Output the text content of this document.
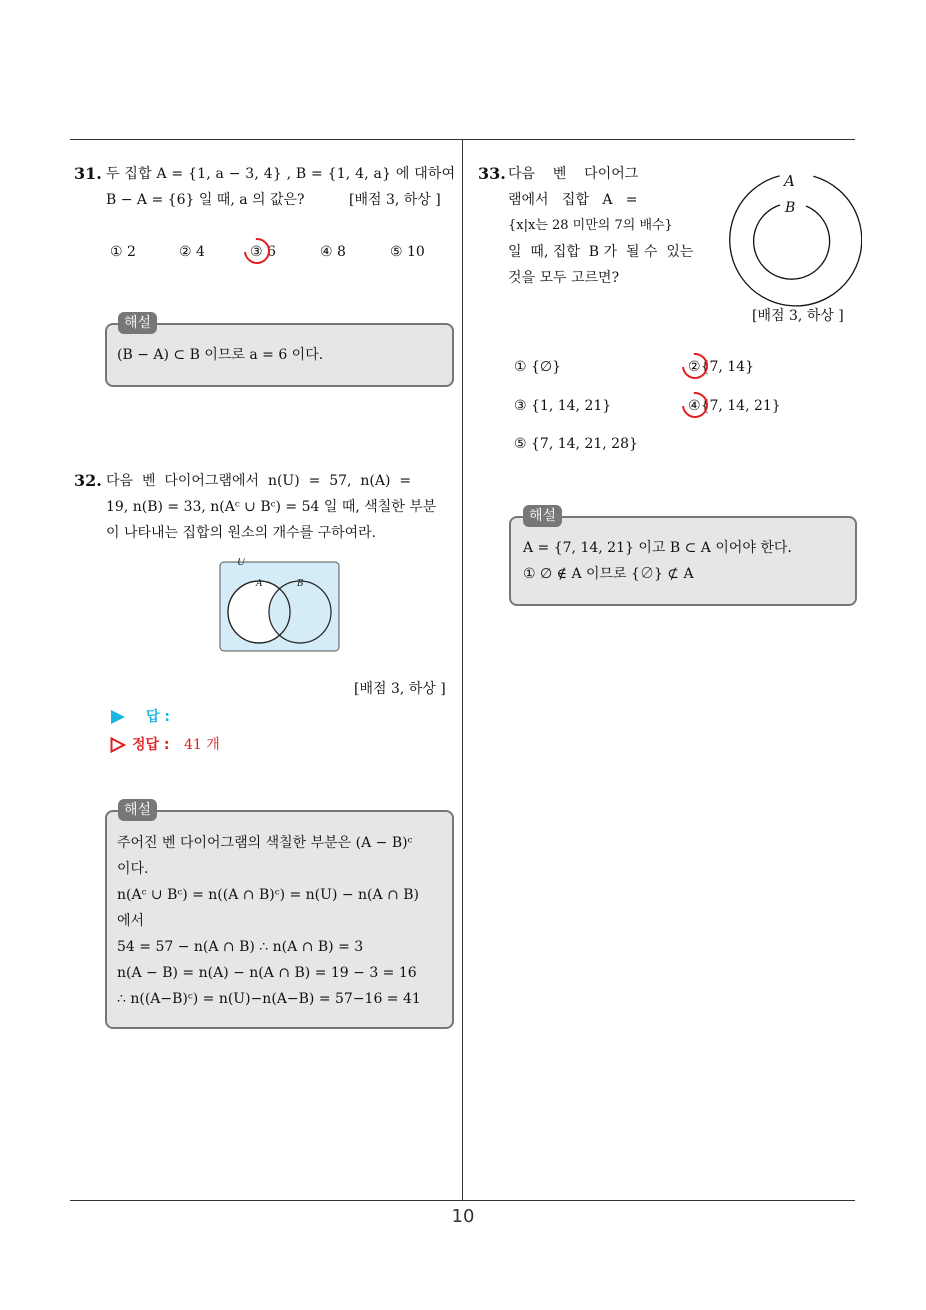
31. 두 집합 A = {1, a − 3, 4} , B = {1, 4, a} 에 대하여
B − A = {6} 일 때, a 의 값은?	[배점 3, 하상 ]
① 2	② 4	③ 6	④ 8	⑤ 10
(B − A) ⊂ B 이므로 a = 6 이다.
해설
32. 다음  벤  다이어그램에서  n(U)  =  57,  n(A)  =
19, n(B) = 33, n(Aᶜ ∪ Bᶜ) = 54 일 때, 색칠한 부분
이 나타내는 집합의 원소의 개수를 구하여라.
U
A	B
[배점 3, 하상 ]
답 :
정답 : 41 개
주어진 벤 다이어그램의 색칠한 부분은 (A − B)ᶜ
이다.
n(Aᶜ ∪ Bᶜ) = n((A ∩ B)ᶜ) = n(U) − n(A ∩ B)
에서
54 = 57 − n(A ∩ B) ∴ n(A ∩ B) = 3
n(A − B) = n(A) − n(A ∩ B) = 19 − 3 = 16
∴ n((A−B)ᶜ) = n(U)−n(A−B) = 57−16 = 41
해설
33. 다음    벤    다이어그
램에서   집합   A   =
{x|x는 28 미만의 7의 배수}
일  때, 집합  B 가  될 수  있는
것을 모두 고르면?
A
B
[배점 3, 하상 ]
① {∅}	②{7, 14}
③ {1, 14, 21}	④{7, 14, 21}
⑤ {7, 14, 21, 28}
A = {7, 14, 21} 이고 B ⊂ A 이어야 한다.
① ∅ ∉ A 이므로 {∅} ⊄ A
해설
10
